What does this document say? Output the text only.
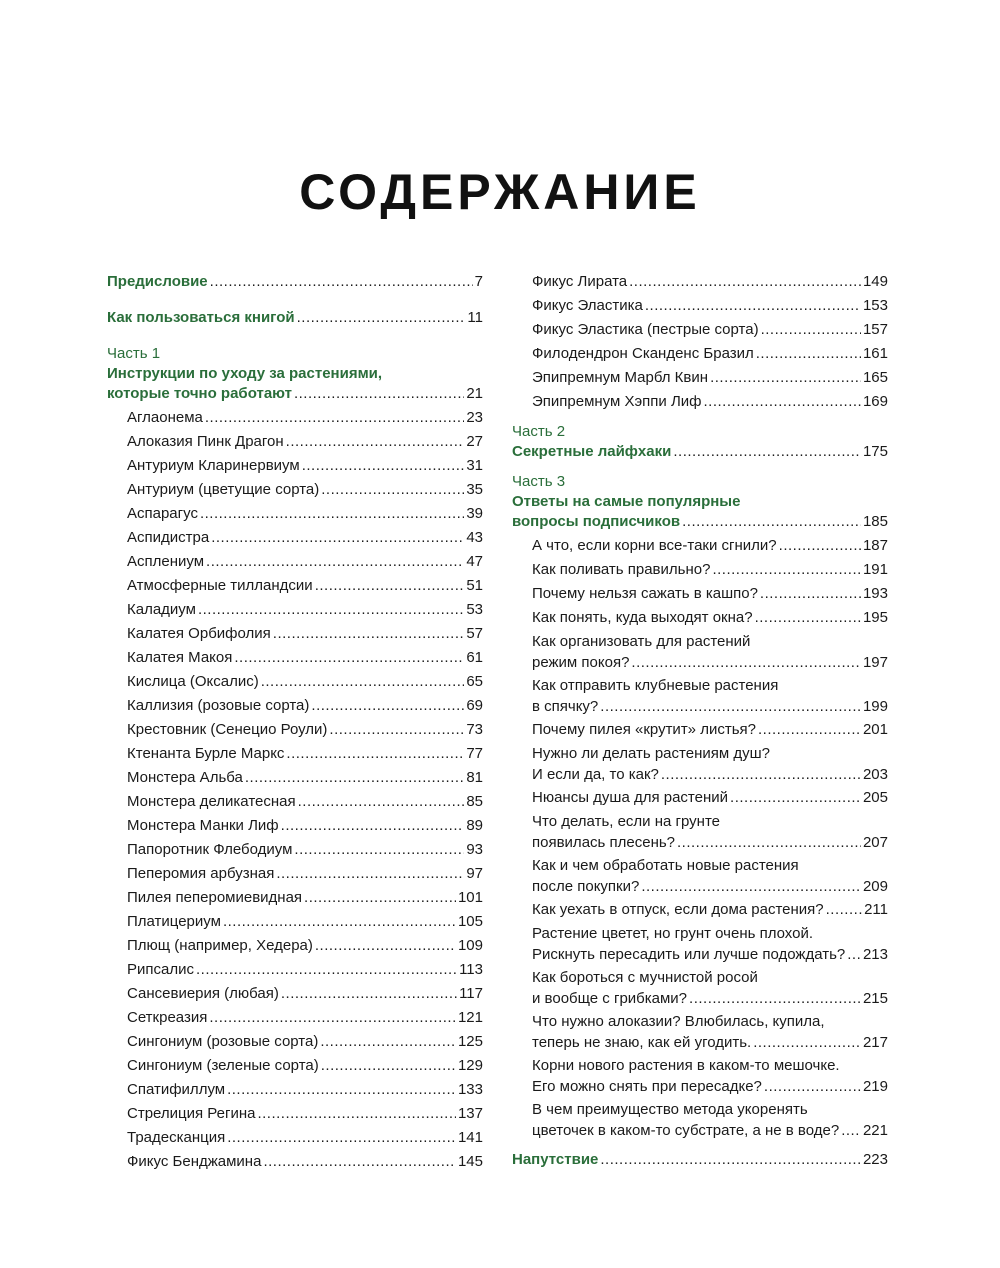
СОДЕРЖАНИЕ
Предисловие .....	7
Как пользоваться книгой .....	11
Часть 1
Инструкции по уходу за растениями,
которые точно работают .....	21
Аглаонема .....	23
Алоказия Пинк Драгон .....	27
Антуриум Кларинервиум .....	31
Антуриум (цветущие сорта) .....	35
Аспарагус .....	39
Аспидистра .....	43
Асплениум .....	47
Атмосферные тилландсии .....	51
Каладиум .....	53
Калатея Орбифолия .....	57
Калатея Макоя .....	61
Кислица (Оксалис) .....	65
Каллизия (розовые сорта) .....	69
Крестовник (Сенецио Роули) .....	73
Ктенанта Бурле Маркс .....	77
Монстера Альба .....	81
Монстера деликатесная .....	85
Монстера Манки Лиф .....	89
Папоротник Флебодиум .....	93
Пеперомия арбузная .....	97
Пилея пеперомиевидная .....	101
Платицериум .....	105
Плющ (например, Хедера) .....	109
Рипсалис .....	113
Сансевиерия (любая) .....	117
Сеткреазия .....	121
Сингониум (розовые сорта) .....	125
Сингониум (зеленые сорта) .....	129
Спатифиллум .....	133
Стрелиция Регина .....	137
Традесканция .....	141
Фикус Бенджамина .....	145
Фикус Лирата .....	149
Фикус Эластика .....	153
Фикус Эластика (пестрые сорта) .....	157
Филодендрон Сканденс Бразил .....	161
Эпипремнум Марбл Квин .....	165
Эпипремнум Хэппи Лиф .....	169
Часть 2
Секретные лайфхаки .....	175
Часть 3
Ответы на самые популярные
вопросы подписчиков .....	185
А что, если корни все-таки сгнили? .....	187
Как поливать правильно? .....	191
Почему нельзя сажать в кашпо? .....	193
Как понять, куда выходят окна? .....	195
Как организовать для растений
режим покоя? .....	197
Как отправить клубневые растения
в спячку? .....	199
Почему пилея «крутит» листья? .....	201
Нужно ли делать растениям душ?
И если да, то как? .....	203
Нюансы душа для растений .....	205
Что делать, если на грунте
появилась плесень? .....	207
Как и чем обработать новые растения
после покупки? .....	209
Как уехать в отпуск, если дома растения? .....	211
Растение цветет, но грунт очень плохой.
Рискнуть пересадить или лучше подождать? ..... 213
Как бороться с мучнистой росой
и вообще с грибками? .....	215
Что нужно алоказии? Влюбилась, купила,
теперь не знаю, как ей угодить. .....	217
Корни нового растения в каком-то мешочке.
Его можно снять при пересадке? .....	219
В чем преимущество метода укоренять
цветочек в каком-то субстрате, а не в воде? ..... 221
Напутствие .....	223
